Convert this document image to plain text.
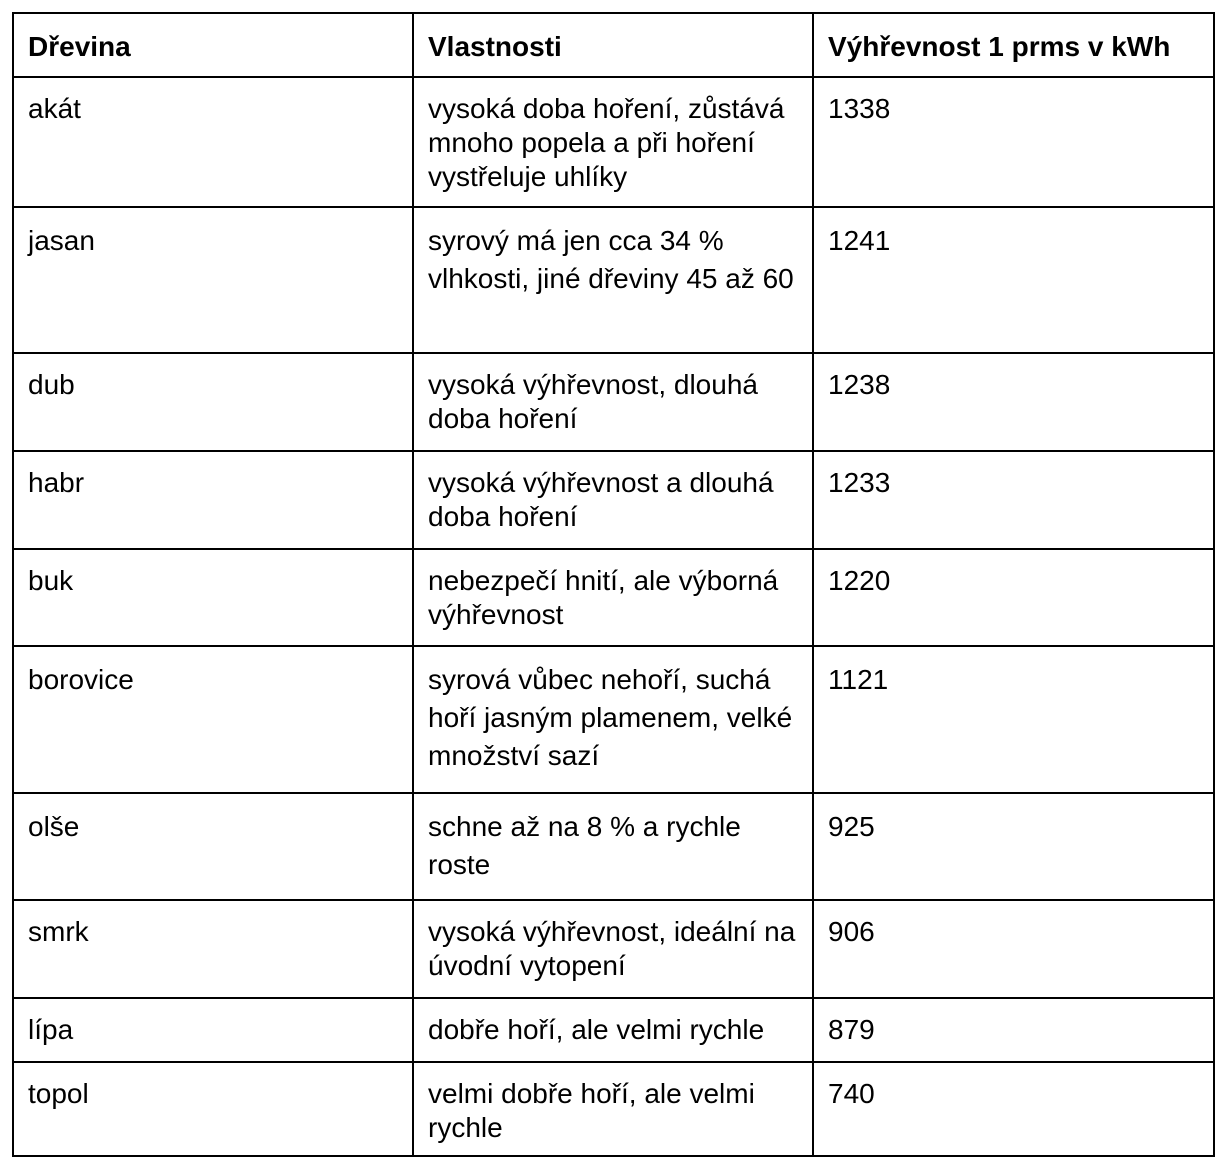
Dřevina	Vlastnosti	Výhřevnost 1 prms v kWh
akát	vysoká doba hoření, zůstává mnoho popela a při hoření vystřeluje uhlíky	1338
jasan	syrový má jen cca 34 % vlhkosti, jiné dřeviny 45 až 60	1241
dub	vysoká výhřevnost, dlouhá doba hoření	1238
habr	vysoká výhřevnost a dlouhá doba hoření	1233
buk	nebezpečí hnití, ale výborná výhřevnost	1220
borovice	syrová vůbec nehoří, suchá hoří jasným plamenem, velké množství sazí	1121
olše	schne až na 8 % a rychle roste	925
smrk	vysoká výhřevnost, ideální na úvodní vytopení	906
lípa	dobře hoří, ale velmi rychle	879
topol	velmi dobře hoří, ale velmi rychle	740
